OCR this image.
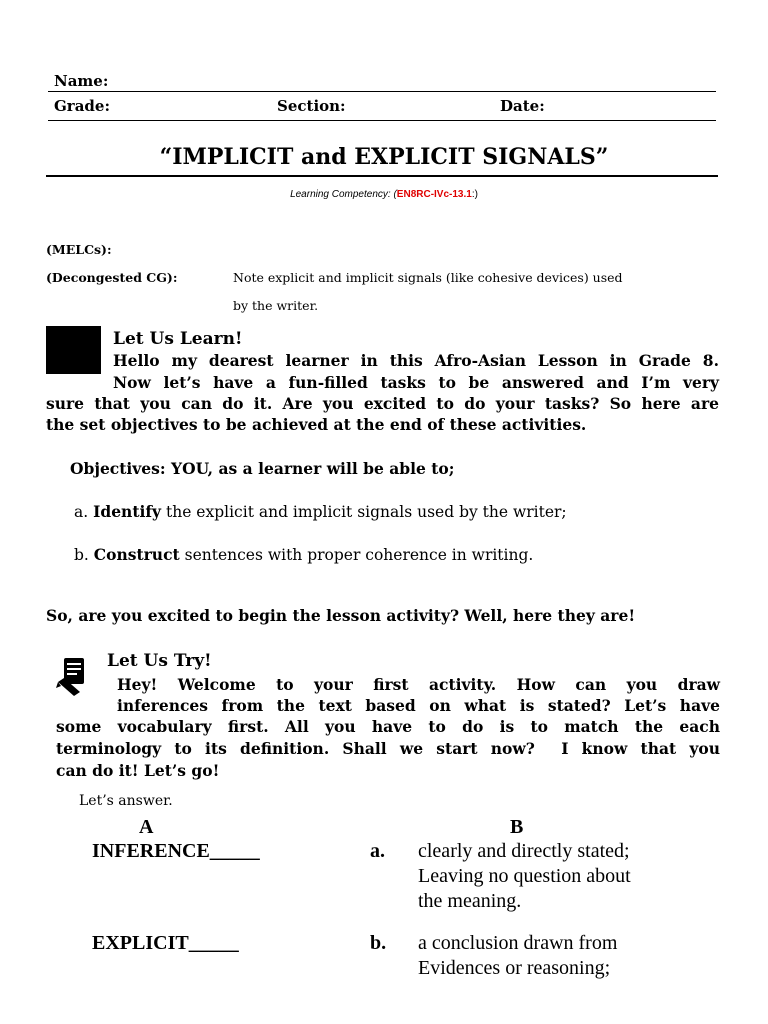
Name:
Grade:	Section:	Date:
“IMPLICIT and EXPLICIT SIGNALS”
Learning Competency: (EN8RC-IVc-13.1:)
(MELCs):
(Decongested CG):	Note explicit and implicit signals (like cohesive devices) used
by the writer.
Let Us Learn!
Hello my dearest learner in this Afro-Asian Lesson in Grade 8.
Now let’s have a fun-filled tasks to be answered and I’m very
sure that you can do it. Are you excited to do your tasks? So here are
the set objectives to be achieved at the end of these activities.
Objectives: YOU, as a learner will be able to;
a. Identify the explicit and implicit signals used by the writer;
b. Construct sentences with proper coherence in writing.
So, are you excited to begin the lesson activity? Well, here they are!
Let Us Try!
Hey! Welcome to your first activity. How can you draw
inferences from the text based on what is stated? Let’s have
some vocabulary first. All you have to do is to match the each
terminology to its definition. Shall we start now?  I know that you
can do it! Let’s go!
Let’s answer.
A	B
INFERENCE_____	a. clearly and directly stated;
Leaving no question about
the meaning.
EXPLICIT_____	b. a conclusion drawn from
Evidences or reasoning;
